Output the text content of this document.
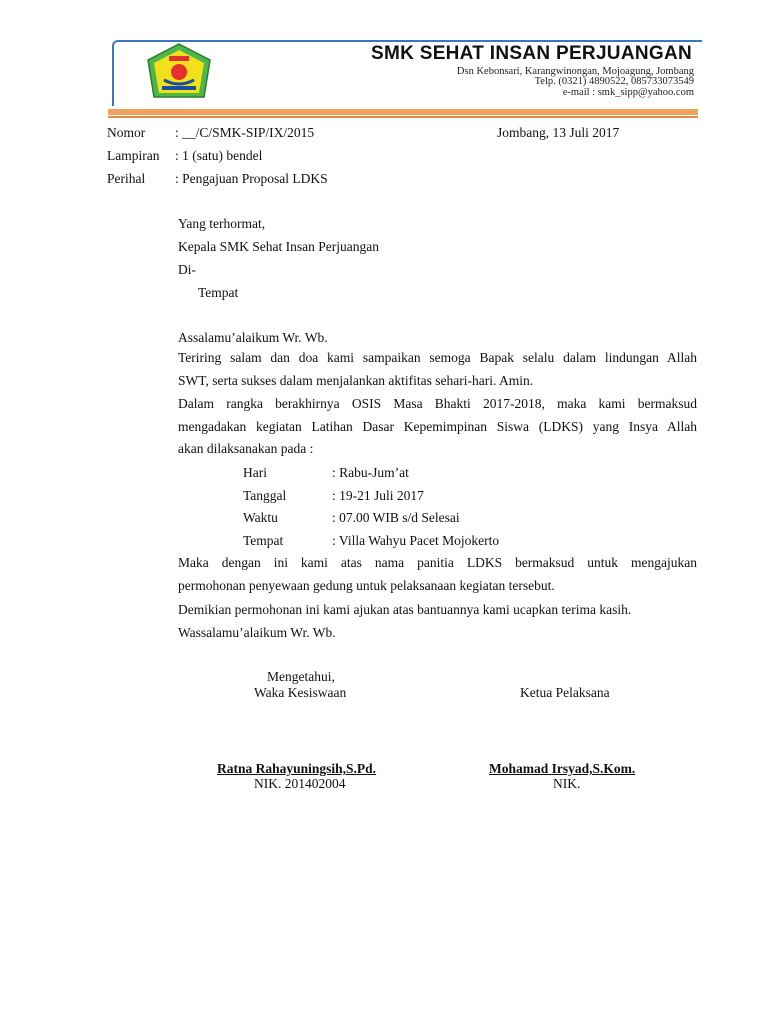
SMK SEHAT INSAN PERJUANGAN
Dsn Kebonsari, Karangwinongan, Mojoagung, Jombang
Telp. (0321) 4890522, 085733073549
e-mail : smk_sipp@yahoo.com
Nomor : __/C/SMK-SIP/IX/2015	Jombang, 13 Juli 2017
Lampiran : 1 (satu) bendel
Perihal : Pengajuan Proposal LDKS
Yang terhormat,
Kepala SMK Sehat Insan Perjuangan
Di-
Tempat
Assalamu’alaikum Wr. Wb.
Teriring salam dan doa kami sampaikan semoga Bapak selalu dalam lindungan Allah
SWT, serta sukses dalam menjalankan aktifitas sehari-hari. Amin.
Dalam rangka berakhirnya OSIS Masa Bhakti 2017-2018, maka kami bermaksud
mengadakan kegiatan Latihan Dasar Kepemimpinan Siswa (LDKS) yang Insya Allah
akan dilaksanakan pada :
Hari	: Rabu-Jum’at
Tanggal	: 19-21 Juli 2017
Waktu	: 07.00 WIB s/d Selesai
Tempat	: Villa Wahyu Pacet Mojokerto
Maka dengan ini kami atas nama panitia LDKS bermaksud untuk mengajukan
permohonan penyewaan gedung untuk pelaksanaan kegiatan tersebut.
Demikian permohonan ini kami ajukan atas bantuannya kami ucapkan terima kasih.
Wassalamu’alaikum Wr. Wb.
Mengetahui,
Waka Kesiswaan	Ketua Pelaksana
Ratna Rahayuningsih,S.Pd.
NIK. 201402004
Mohamad Irsyad,S.Kom.
NIK.
